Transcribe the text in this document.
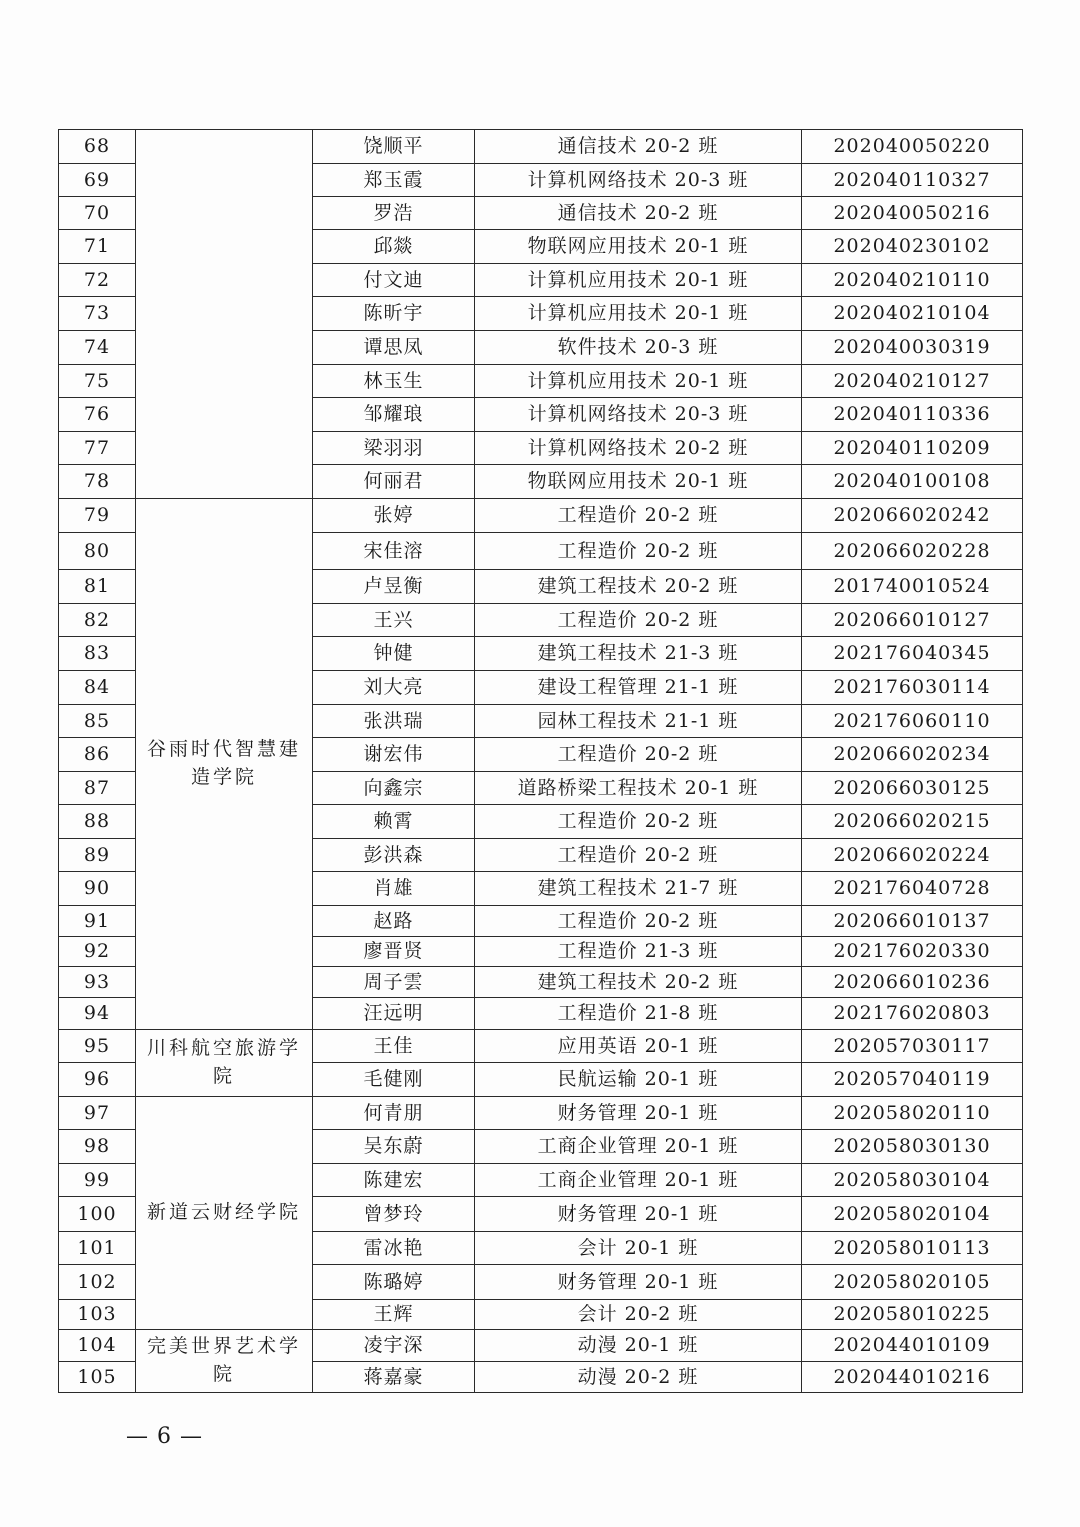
68		饶顺平	通信技术 20-2 班	202040050220
69		郑玉霞	计算机网络技术 20-3 班	202040110327
70		罗浩	通信技术 20-2 班	202040050216
71		邱燚	物联网应用技术 20-1 班	202040230102
72		付文迪	计算机应用技术 20-1 班	202040210110
73		陈昕宇	计算机应用技术 20-1 班	202040210104
74		谭思凤	软件技术 20-3 班	202040030319
75		林玉生	计算机应用技术 20-1 班	202040210127
76		邹耀琅	计算机网络技术 20-3 班	202040110336
77		梁羽羽	计算机网络技术 20-2 班	202040110209
78		何丽君	物联网应用技术 20-1 班	202040100108
79	谷雨时代智慧建造学院	张婷	工程造价 20-2 班	202066020242
80		宋佳溶	工程造价 20-2 班	202066020228
81		卢昱衡	建筑工程技术 20-2 班	201740010524
82		王兴	工程造价 20-2 班	202066010127
83		钟健	建筑工程技术 21-3 班	202176040345
84		刘大亮	建设工程管理 21-1 班	202176030114
85		张洪瑞	园林工程技术 21-1 班	202176060110
86		谢宏伟	工程造价 20-2 班	202066020234
87		向鑫宗	道路桥梁工程技术 20-1 班	202066030125
88		赖霄	工程造价 20-2 班	202066020215
89		彭洪森	工程造价 20-2 班	202066020224
90		肖雄	建筑工程技术 21-7 班	202176040728
91		赵路	工程造价 20-2 班	202066010137
92		廖晋贤	工程造价 21-3 班	202176020330
93		周子雲	建筑工程技术 20-2 班	202066010236
94		汪远明	工程造价 21-8 班	202176020803
95	川科航空旅游学院	王佳	应用英语 20-1 班	202057030117
96		毛健刚	民航运输 20-1 班	202057040119
97	新道云财经学院	何青朋	财务管理 20-1 班	202058020110
98		吴东蔚	工商企业管理 20-1 班	202058030130
99		陈建宏	工商企业管理 20-1 班	202058030104
100		曾梦玲	财务管理 20-1 班	202058020104
101		雷冰艳	会计 20-1 班	202058010113
102		陈璐婷	财务管理 20-1 班	202058020105
103		王辉	会计 20-2 班	202058010225
104	完美世界艺术学院	凌宇深	动漫 20-1 班	202044010109
105		蒋嘉豪	动漫 20-2 班	202044010216
— 6 —
